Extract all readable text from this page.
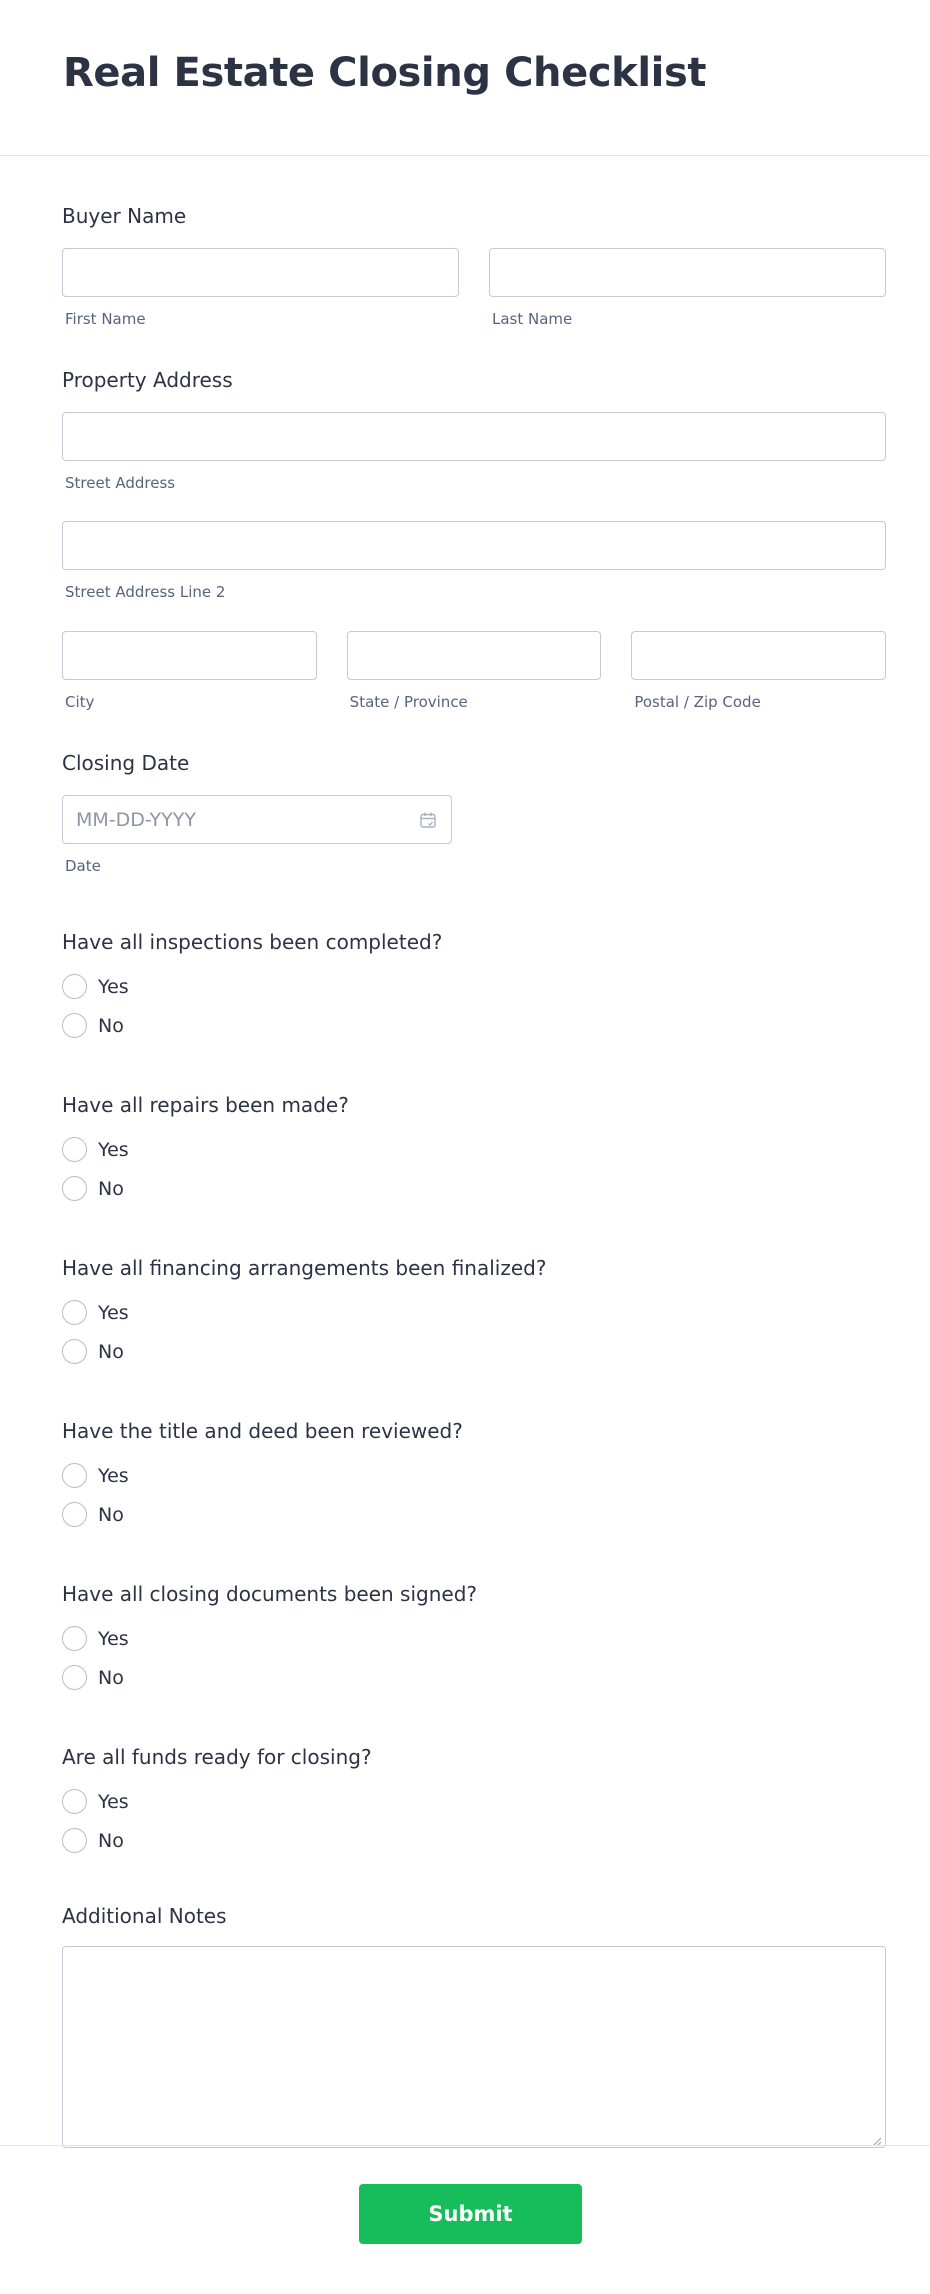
Real Estate Closing Checklist
Buyer Name
First Name	Last Name
Property Address
Street Address
Street Address Line 2
City	State / Province	Postal / Zip Code
Closing Date
MM-DD-YYYY
Date
Have all inspections been completed?
Yes
No
Have all repairs been made?
Yes
No
Have all financing arrangements been finalized?
Yes
No
Have the title and deed been reviewed?
Yes
No
Have all closing documents been signed?
Yes
No
Are all funds ready for closing?
Yes
No
Additional Notes
Submit
